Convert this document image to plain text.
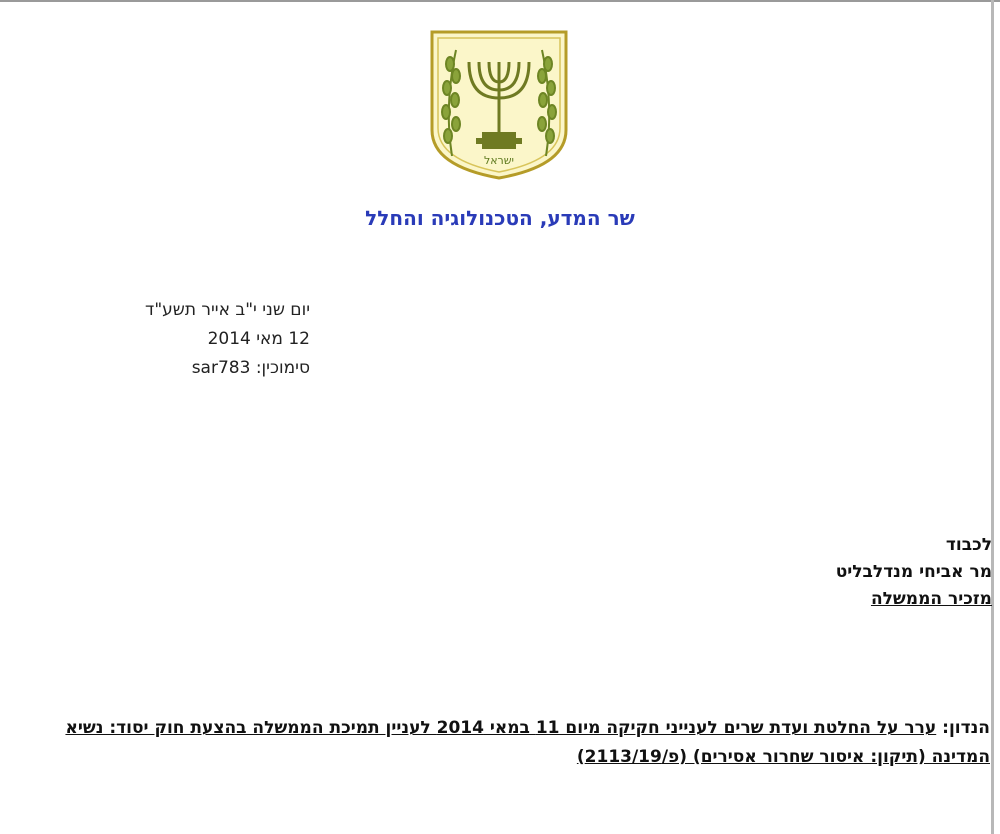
ישראל
שר המדע, הטכנולוגיה והחלל
יום שני י"ב אייר תשע"ד
12 מאי 2014
סימוכין: sar783
לכבוד
מר אביחי מנדלבליט
מזכיר הממשלה
הנדון: ערר על החלטת ועדת שרים לענייני חקיקה מיום 11 במאי 2014 לעניין תמיכת הממשלה בהצעת חוק יסוד: נשיא המדינה (תיקון: איסור שחרור אסירים) (פ/2113/19)
